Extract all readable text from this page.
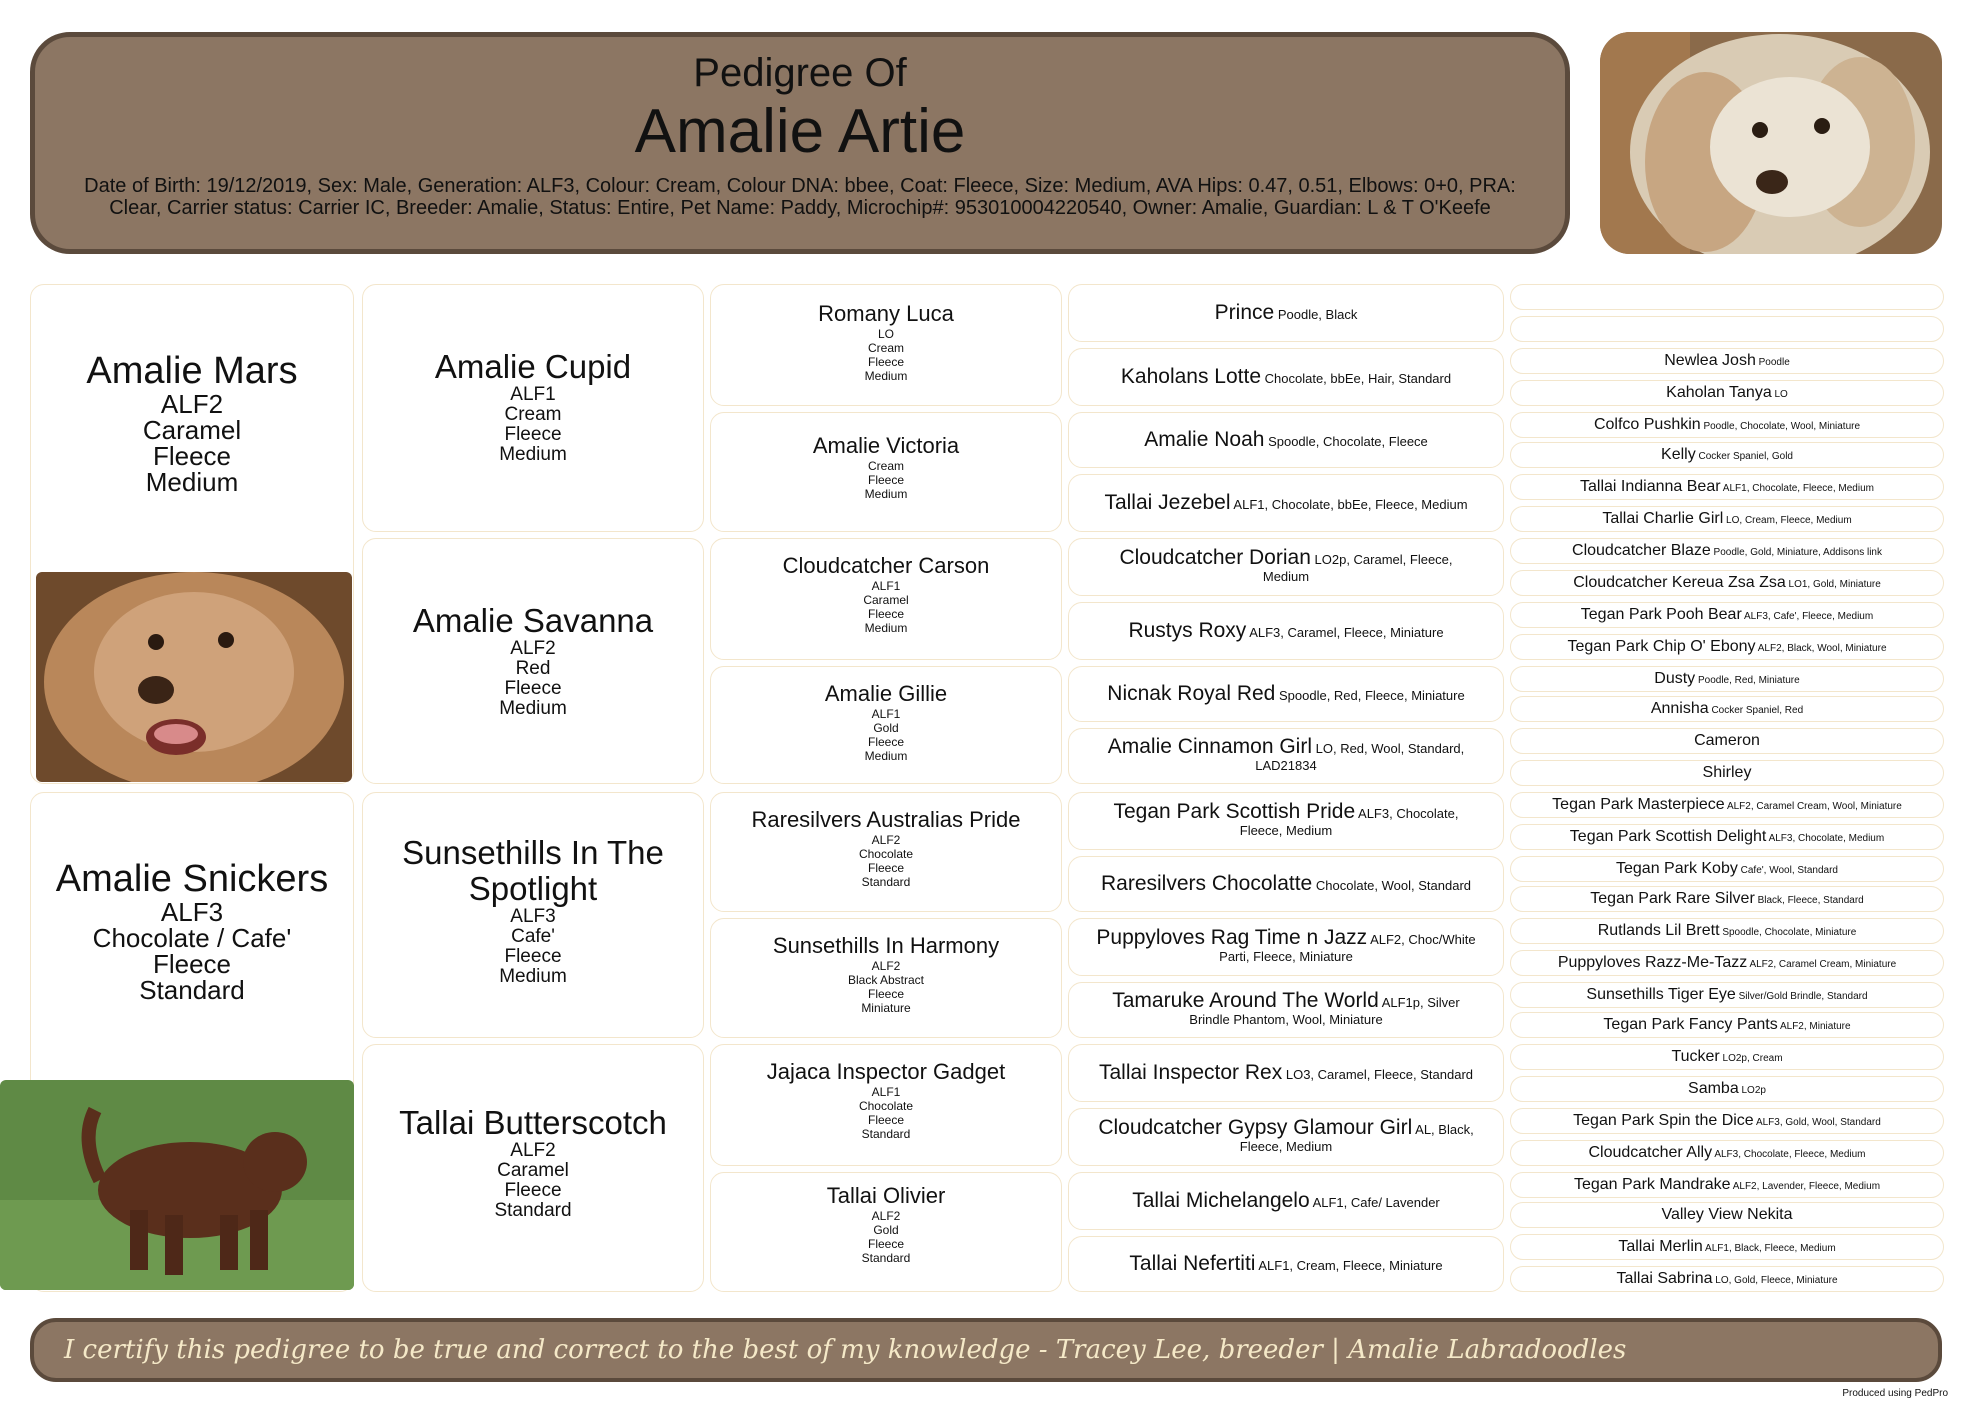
Pedigree Of
Amalie Artie
Date of Birth: 19/12/2019, Sex: Male, Generation: ALF3, Colour: Cream, Colour DNA: bbee, Coat: Fleece, Size: Medium, AVA Hips: 0.47, 0.51, Elbows: 0+0, PRA: Clear, Carrier status: Carrier IC, Breeder: Amalie, Status: Entire, Pet Name: Paddy, Microchip#: 953010004220540, Owner: Amalie, Guardian: L & T O'Keefe
Amalie Mars
ALF2
Caramel
Fleece
Medium
Amalie Snickers
ALF3
Chocolate / Cafe'
Fleece
Standard
Amalie Cupid
ALF1
Cream
Fleece
Medium
Amalie Savanna
ALF2
Red
Fleece
Medium
Sunsethills In The Spotlight
ALF3
Cafe'
Fleece
Medium
Tallai Butterscotch
ALF2
Caramel
Fleece
Standard
Romany Luca
LO
Cream
Fleece
Medium
Amalie Victoria
Cream
Fleece
Medium
Cloudcatcher Carson
ALF1
Caramel
Fleece
Medium
Amalie Gillie
ALF1
Gold
Fleece
Medium
Raresilvers Australias Pride
ALF2
Chocolate
Fleece
Standard
Sunsethills In Harmony
ALF2
Black Abstract
Fleece
Miniature
Jajaca Inspector Gadget
ALF1
Chocolate
Fleece
Standard
Tallai Olivier
ALF2
Gold
Fleece
Standard
Prince Poodle, Black
Kaholans Lotte Chocolate, bbEe, Hair, Standard
Amalie Noah Spoodle, Chocolate, Fleece
Tallai Jezebel ALF1, Chocolate, bbEe, Fleece, Medium
Cloudcatcher Dorian LO2p, Caramel, Fleece,
Medium
Rustys Roxy ALF3, Caramel, Fleece, Miniature
Nicnak Royal Red Spoodle, Red, Fleece, Miniature
Amalie Cinnamon Girl LO, Red, Wool, Standard,
LAD21834
Tegan Park Scottish Pride ALF3, Chocolate,
Fleece, Medium
Raresilvers Chocolatte Chocolate, Wool, Standard
Puppyloves Rag Time n Jazz ALF2, Choc/White
Parti, Fleece, Miniature
Tamaruke Around The World ALF1p, Silver
Brindle Phantom, Wool, Miniature
Tallai Inspector Rex LO3, Caramel, Fleece, Standard
Cloudcatcher Gypsy Glamour Girl AL, Black,
Fleece, Medium
Tallai Michelangelo ALF1, Cafe/ Lavender
Tallai Nefertiti ALF1, Cream, Fleece, Miniature
Newlea Josh Poodle
Kaholan Tanya LO
Colfco Pushkin Poodle, Chocolate, Wool, Miniature
Kelly Cocker Spaniel, Gold
Tallai Indianna Bear ALF1, Chocolate, Fleece, Medium
Tallai Charlie Girl LO, Cream, Fleece, Medium
Cloudcatcher Blaze Poodle, Gold, Miniature, Addisons link
Cloudcatcher Kereua Zsa Zsa LO1, Gold, Miniature
Tegan Park Pooh Bear ALF3, Cafe', Fleece, Medium
Tegan Park Chip O' Ebony ALF2, Black, Wool, Miniature
Dusty Poodle, Red, Miniature
Annisha Cocker Spaniel, Red
Cameron
Shirley
Tegan Park Masterpiece ALF2, Caramel Cream, Wool, Miniature
Tegan Park Scottish Delight ALF3, Chocolate, Medium
Tegan Park Koby Cafe', Wool, Standard
Tegan Park Rare Silver Black, Fleece, Standard
Rutlands Lil Brett Spoodle, Chocolate, Miniature
Puppyloves Razz-Me-Tazz ALF2, Caramel Cream, Miniature
Sunsethills Tiger Eye Silver/Gold Brindle, Standard
Tegan Park Fancy Pants ALF2, Miniature
Tucker LO2p, Cream
Samba LO2p
Tegan Park Spin the Dice ALF3, Gold, Wool, Standard
Cloudcatcher Ally ALF3, Chocolate, Fleece, Medium
Tegan Park Mandrake ALF2, Lavender, Fleece, Medium
Valley View Nekita
Tallai Merlin ALF1, Black, Fleece, Medium
Tallai Sabrina LO, Gold, Fleece, Miniature
I certify this pedigree to be true and correct to the best of my knowledge - Tracey Lee, breeder | Amalie Labradoodles
Produced using PedPro
